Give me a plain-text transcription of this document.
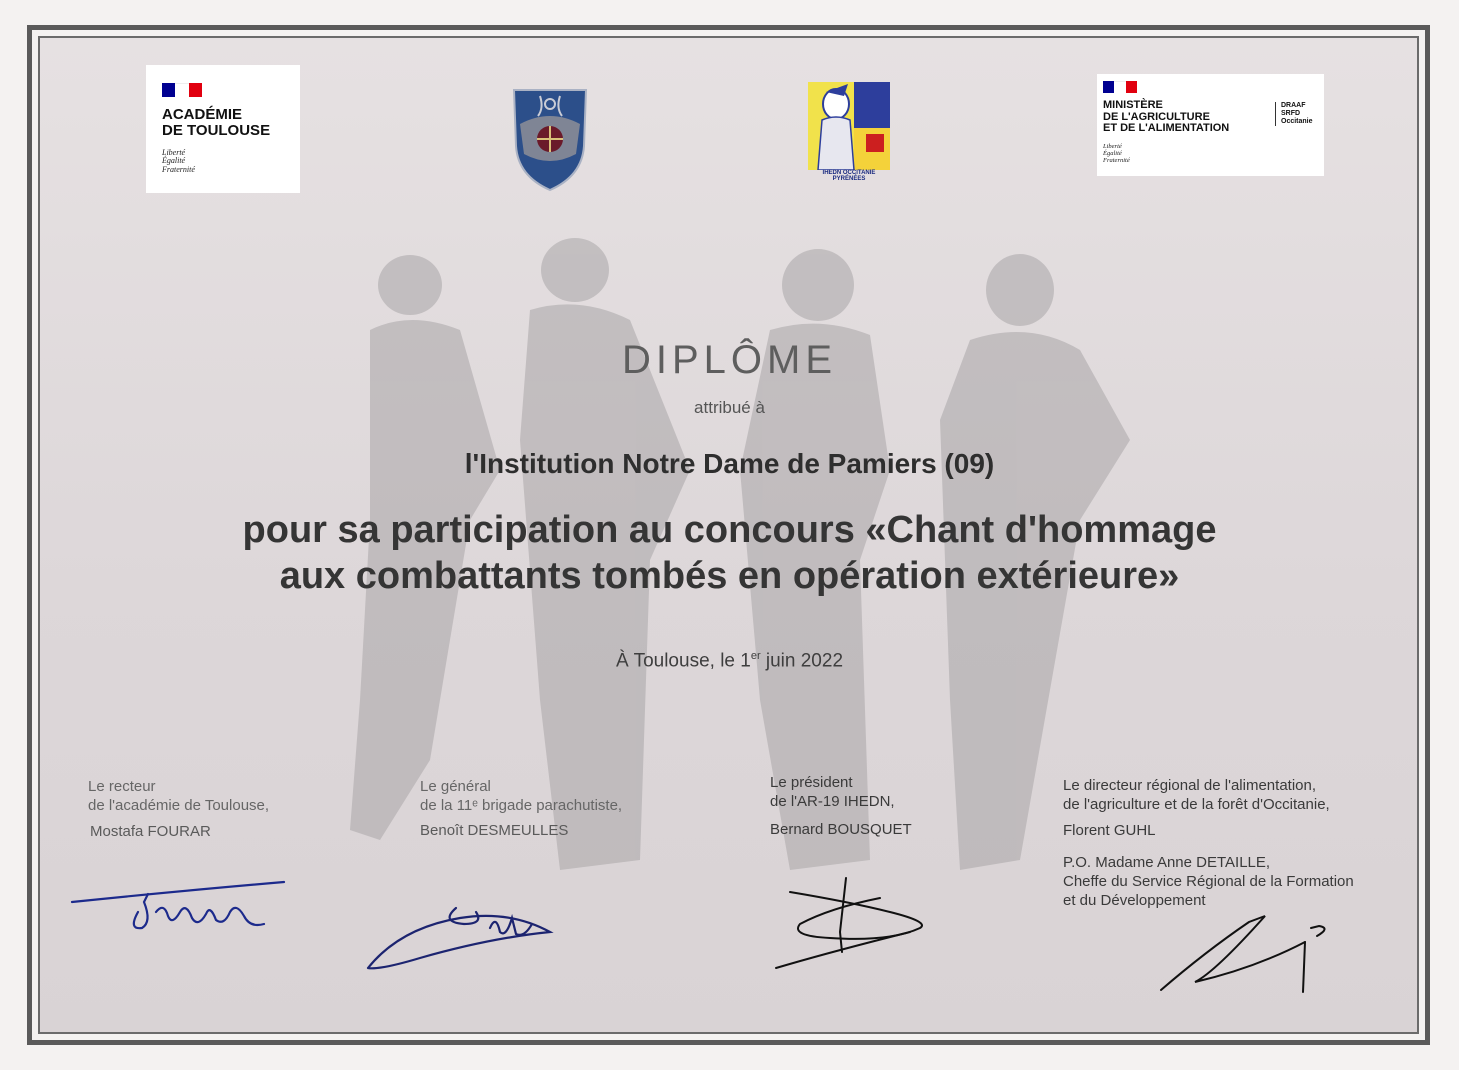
ACADÉMIE
DE TOULOUSE

Liberté
Égalité
Fraternité	IHEDN OCCITANIE
PYRÉNÉES

MINISTÈRE
DE L'AGRICULTURE
ET DE L'ALIMENTATION

Liberté
Égalité
Fraternité

DRAAF
SRFD
Occitanie
DIPLÔME

attribué à

l'Institution Notre Dame de Pamiers (09)

pour sa participation au concours «Chant d'hommage
aux combattants tombés en opération extérieure»

À Toulouse, le 1er juin 2022

Le recteur
de l'académie de Toulouse,

Mostafa FOURAR

Le général
de la 11ᵉ brigade parachutiste,

Benoît DESMEULLES

Le président
de l'AR-19 IHEDN,

Bernard BOUSQUET

Le directeur régional de l'alimentation,
de l'agriculture et de la forêt d'Occitanie,

Florent GUHL

P.O. Madame Anne DETAILLE,
Cheffe du Service Régional de la Formation
et du Développement
